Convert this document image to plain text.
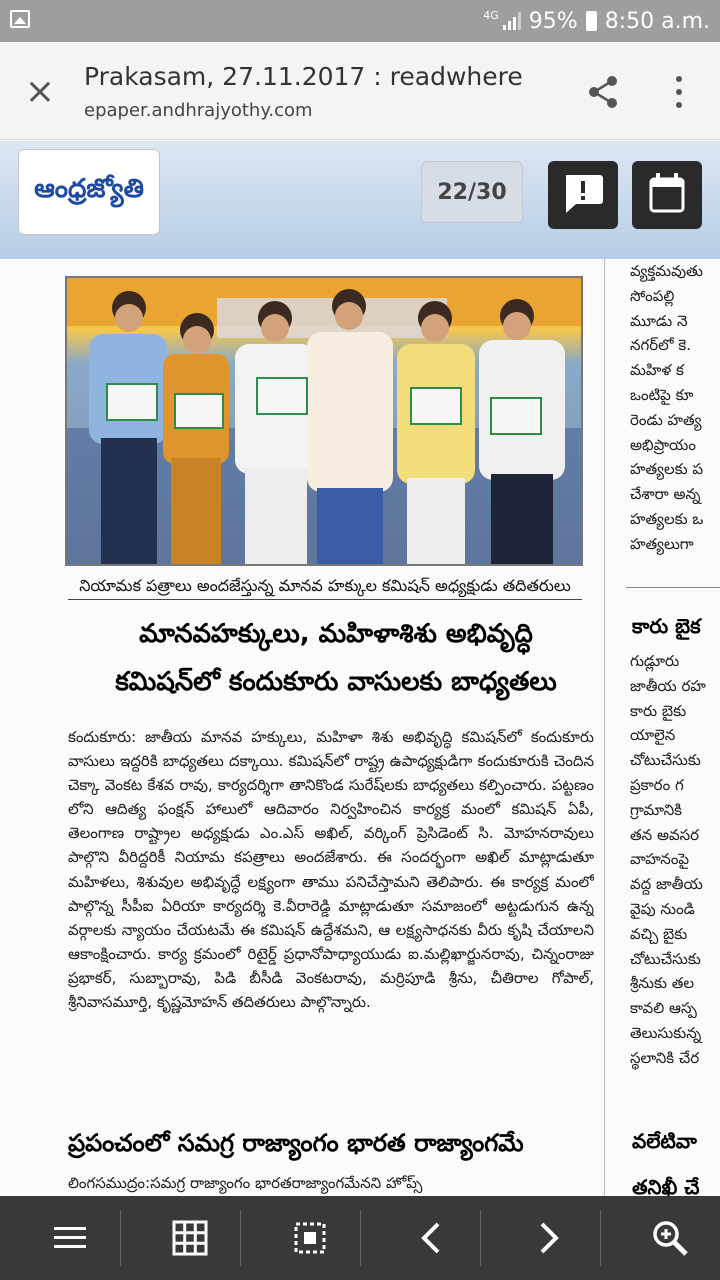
4G 95% 8:50 a.m.
× Prakasam, 27.11.2017 : readwhere
epaper.andhrajyothy.com
ఆంధ్రజ్యోతి	22/30
నియామక పత్రాలు అందజేస్తున్న మానవ హక్కుల కమిషన్ అధ్యక్షుడు తదితరులు
మానవహక్కులు, మహిళాశిశు అభివృద్ధి
కమిషన్‌లో కందుకూరు వాసులకు బాధ్యతలు
కందుకూరు: జాతీయ మానవ హక్కులు, మహిళా శిశు అభివృద్ధి కమిషన్‌లో కందుకూరు వాసులు ఇద్దరికి బాధ్యతలు దక్కాయి. కమిషన్‌లో రాష్ట్ర ఉపాధ్యక్షుడిగా కందుకూరుకి చెందిన చెక్కా వెంకట కేశవ రావు, కార్యదర్శిగా తానికొండ సురేష్‌లకు బాధ్యతలు కల్పించారు. పట్టణం లోని ఆదిత్య ఫంక్షన్ హాలులో ఆదివారం నిర్వహించిన కార్యక్ర మంలో కమిషన్ ఏపీ, తెలంగాణ రాష్ట్రాల అధ్యక్షుడు ఎం.ఎస్ అఖిల్, వర్కింగ్ ప్రెసిడెంట్ సి. మోహనరావులు పాల్గొని వీరిద్దరికీ నియామ కపత్రాలు అందజేశారు. ఈ సందర్భంగా అఖిల్ మాట్లాడుతూ మహిళలు, శిశువుల అభివృద్ధే లక్ష్యంగా తాము పనిచేస్తామని తెలిపారు. ఈ కార్యక్ర మంలో పాల్గొన్న సీపీఐ ఏరియా కార్యదర్శి కె.వీరారెడ్డి మాట్లాడుతూ సమాజంలో అట్టడుగున ఉన్న వర్గాలకు న్యాయం చేయటమే ఈ కమిషన్ ఉద్దేశమని, ఆ లక్ష్యసాధనకు వీరు కృషి చేయాలని ఆకాంక్షించారు. కార్య క్రమంలో రిటైర్డ్ ప్రధానోపాధ్యాయుడు ఐ.మల్లిఖార్జునరావు, చిన్నంరాజు ప్రభాకర్, సుబ్బారావు, పిడి బీసీడి వెంకటరావు, మర్రిపూడి శ్రీను, చీతిరాల గోపాల్, శ్రీనివాసమూర్తి, కృష్ణమోహన్ తదితరులు పాల్గొన్నారు.
ప్రపంచంలో సమగ్ర రాజ్యాంగం భారత రాజ్యాంగమే
లింగసముద్రం:సమగ్ర రాజ్యాంగం భారతరాజ్యాంగమేనని హోప్స్
వ్యక్తమవుతు
సోంపల్లి
మూడు నె
నగర్‌లో కె.
మహిళ క
ఒంటిపై కూ
రెండు హత్య
అభిప్రాయం
హత్యలకు ప
చేశారా అన్న
హత్యలకు ఒ
హత్యలుగా
కారు బైక
గుడ్లూరు
జాతీయ రహ
కారు బైకు
యాలైన
చోటుచేసుకు
ప్రకారం గ
గ్రామానికి
తన అవసర
వాహనంపై
వద్ద జాతీయ
వైపు నుండి
వచ్చి బైకు
చోటుచేసుకు
శ్రీనుకు తల
కావలి ఆస్ప
తెలుసుకున్న
స్థలానికి చేర
వలేటివా
తనిఖీ చే
